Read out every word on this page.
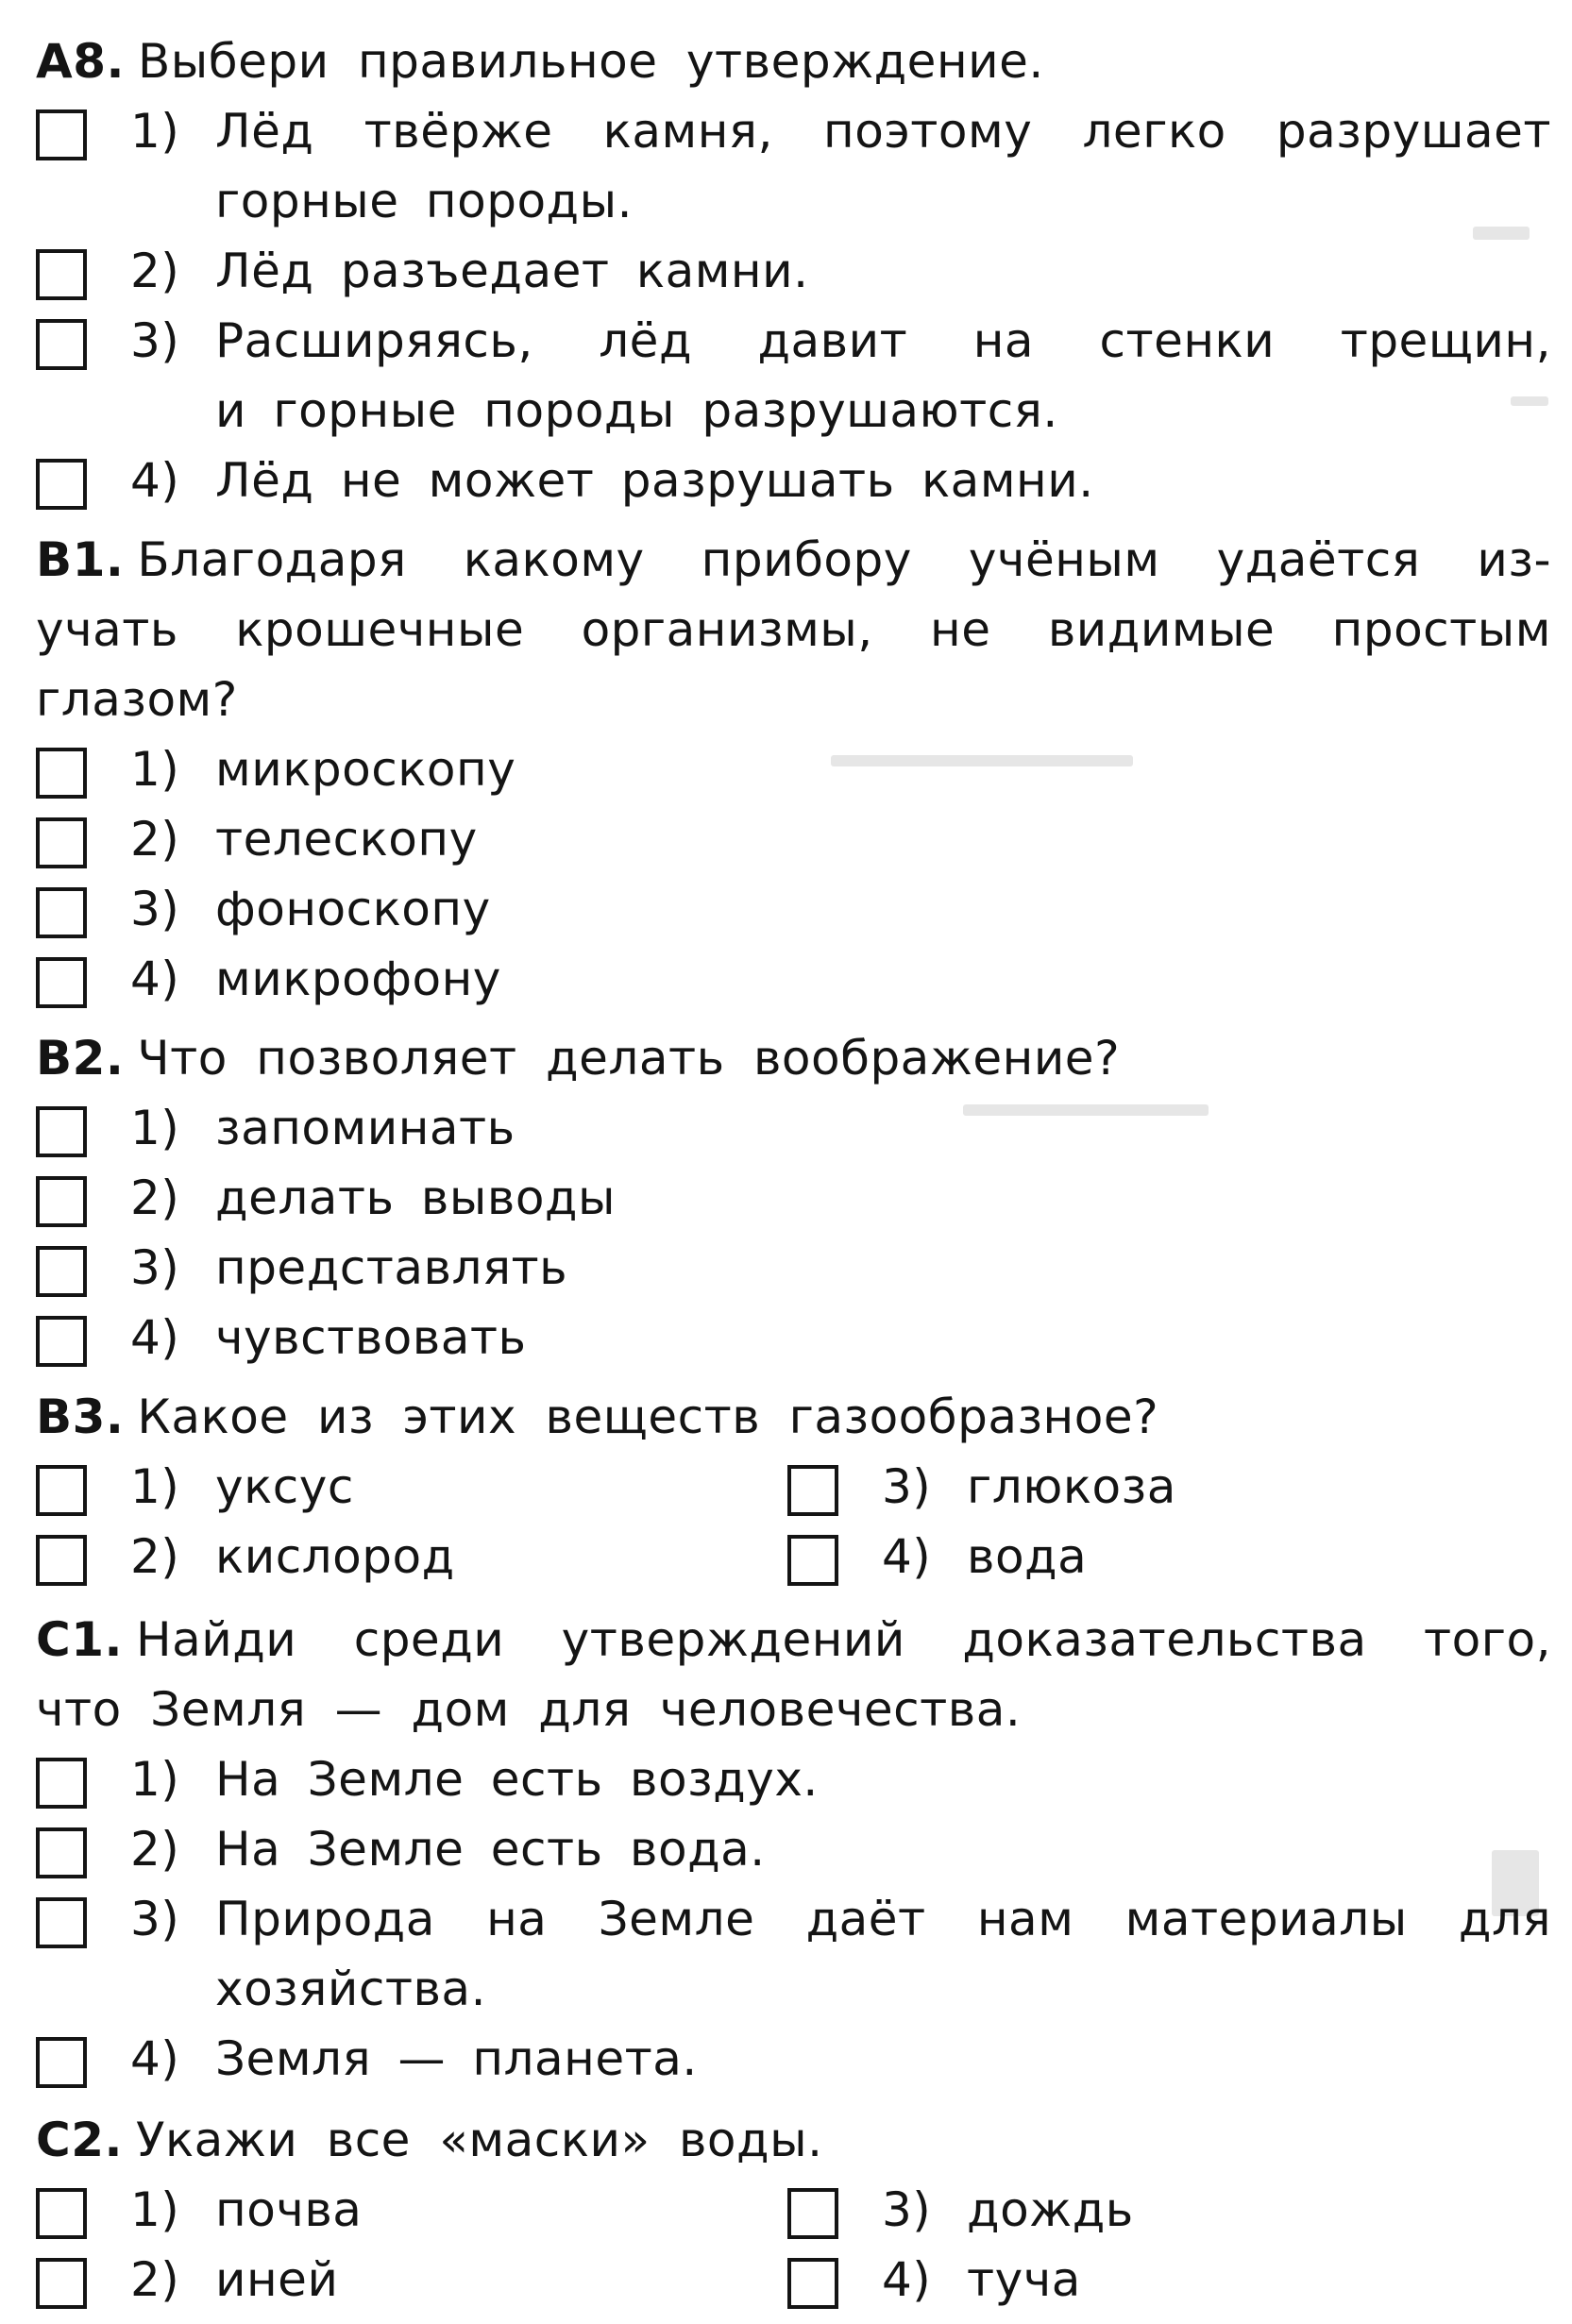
A8. Выбери правильное утверждение.
1) Лёд твёрже камня, поэтому легко разрушает
горные породы.
2) Лёд разъедает камни.
3) Расширяясь, лёд давит на стенки трещин,
и горные породы разрушаются.
4) Лёд не может разрушать камни.
B1. Благодаря какому прибору учёным удаётся из-
учать крошечные организмы, не видимые простым
глазом?
1) микроскопу
2) телескопу
3) фоноскопу
4) микрофону
B2. Что позволяет делать воображение?
1) запоминать
2) делать выводы
3) представлять
4) чувствовать
B3. Какое из этих веществ газообразное?
1) уксус	3) глюкоза
2) кислород	4) вода
C1. Найди среди утверждений доказательства того,
что Земля — дом для человечества.
1) На Земле есть воздух.
2) На Земле есть вода.
3) Природа на Земле даёт нам материалы для
хозяйства.
4) Земля — планета.
C2. Укажи все «маски» воды.
1) почва	3) дождь
2) иней	4) туча
